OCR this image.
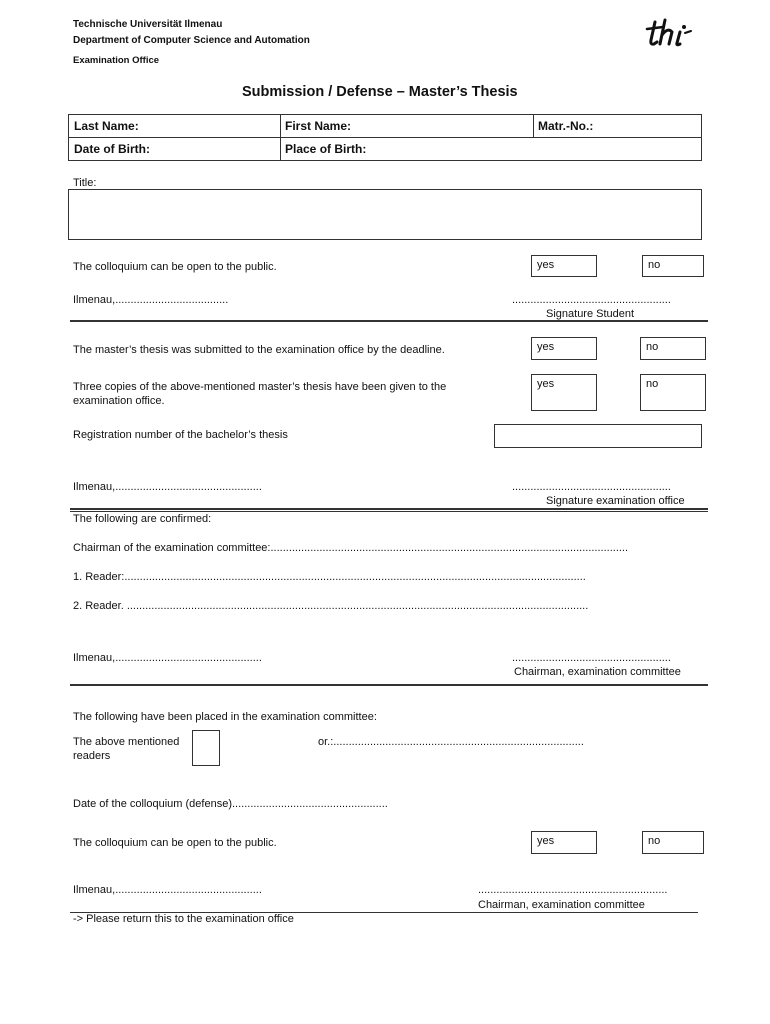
Technische Universität Ilmenau
Department of Computer Science and Automation
Examination Office
Submission / Defense – Master’s Thesis
Last Name:	First Name:	Matr.-No.:
Date of Birth:	Place of Birth:
Title:
The colloquium can be open to the public.	yes	no
Ilmenau,.....................................	....................................................
Signature Student
The master’s thesis was submitted to the examination office by the deadline.	yes	no
Three copies of the above-mentioned master’s thesis have been given to the
examination office.
yes	no
Registration number of the bachelor’s thesis
Ilmenau,................................................	....................................................
Signature examination office
The following are confirmed:
Chairman of the examination committee:.....................................................................................................................
1. Reader:.......................................................................................................................................................
2. Reader. .......................................................................................................................................................
Ilmenau,................................................	....................................................
Chairman, examination committee
The following have been placed in the examination committee:
The above mentioned
readers
or.:..................................................................................
Date of the colloquium (defense)...................................................
The colloquium can be open to the public.	yes	no
Ilmenau,................................................	..............................................................
Chairman, examination committee
-> Please return this to the examination office
